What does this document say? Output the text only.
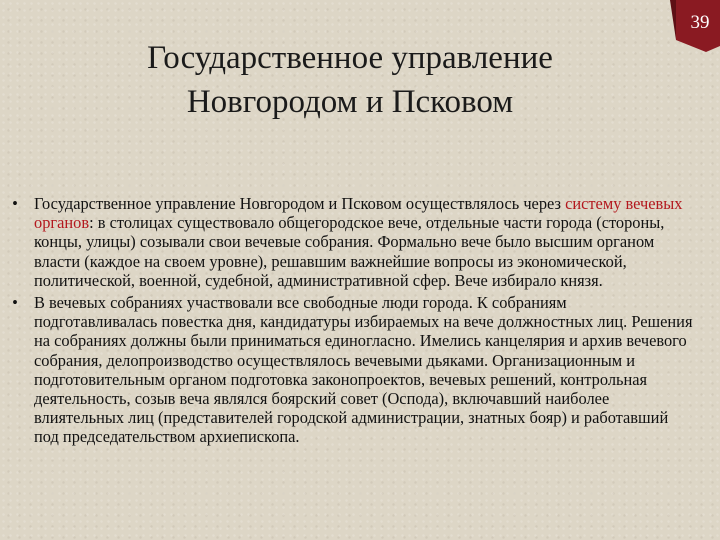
39
Государственное управление
Новгородом и Псковом
• Государственное управление Новгородом и Псковом осуществлялось через систему вечевых органов: в столицах существовало общегородское вече, отдельные части города (стороны, концы, улицы) созывали свои вечевые собрания. Формально вече было высшим органом власти (каждое на своем уровне), решавшим важнейшие вопросы из экономической, политической, военной, судебной, административной сфер. Вече избирало князя.
• В вечевых собраниях участвовали все свободные люди города. К собраниям подготавливалась повестка дня, кандидатуры избираемых на вече должностных лиц. Решения на собраниях должны были приниматься единогласно. Имелись канцелярия и архив вечевого собрания, делопроизводство осуществлялось вечевыми дьяками. Организационным и подготовительным органом подготовка законопроектов, вечевых решений, контрольная деятельность, созыв веча являлся боярский совет (Осподa), включавший наиболее влиятельных лиц (представителей городской администрации, знатных бояр) и работавший под председательством архиепископа.
